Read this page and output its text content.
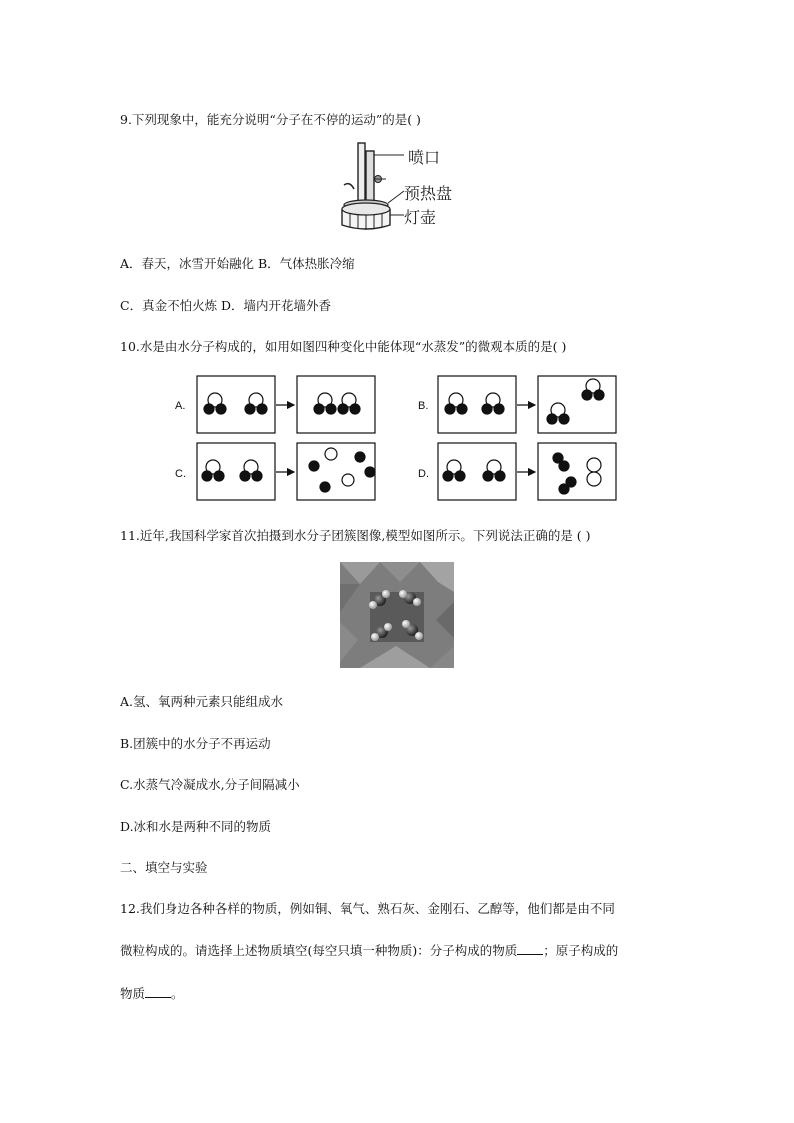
9.下列现象中，能充分说明“分子在不停的运动”的是( )
喷口
预热盘
灯壶
A．春天，冰雪开始融化 B．气体热胀冷缩
C．真金不怕火炼 D．墙内开花墙外香
10.水是由水分子构成的，如用如图四种变化中能体现“水蒸发”的微观本质的是( )
A.	B.
C.	D.
11.近年,我国科学家首次拍摄到水分子团簇图像,模型如图所示。下列说法正确的是 ( )
A.氢、氧两种元素只能组成水
B.团簇中的水分子不再运动
C.水蒸气冷凝成水,分子间隔减小
D.冰和水是两种不同的物质
二、填空与实验
12.我们身边各种各样的物质，例如铜、氧气、熟石灰、金刚石、乙醇等，他们都是由不同
微粒构成的。请选择上述物质填空(每空只填一种物质)：分子构成的物质 ；原子构成的
物质 。
